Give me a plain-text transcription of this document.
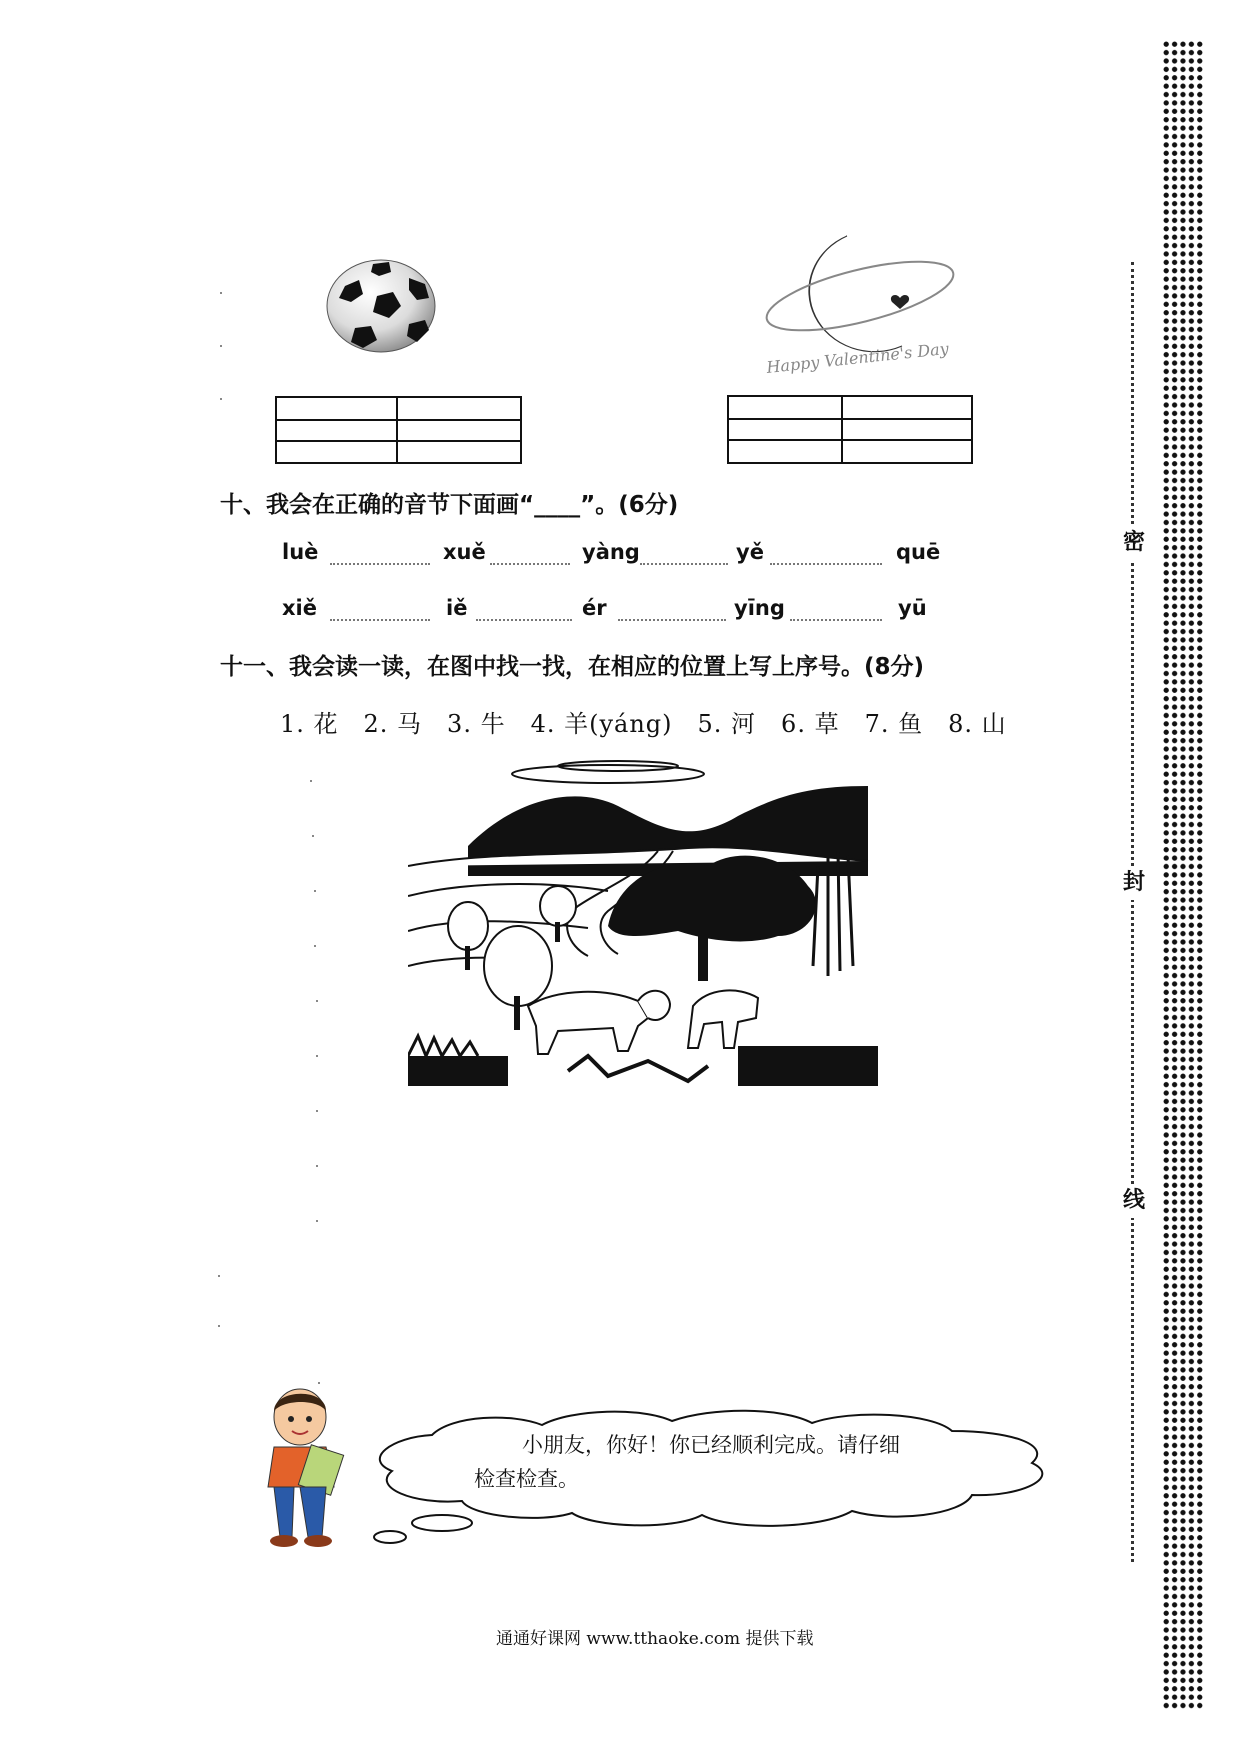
密
封
线
Happy Valentine's Day
十、我会在正确的音节下面画“____”。(6分)
luè	xuě	yàng	yě	quē
xiě	iě	ér	yīng	yū
十一、我会读一读，在图中找一找，在相应的位置上写上序号。(8分)
1. 花　2. 马　3. 牛　4. 羊(yáng)　5. 河　6. 草　7. 鱼　8. 山
小朋友，你好！你已经顺利完成。请仔细
检查检查。
通通好课网 www.tthaoke.com 提供下载
